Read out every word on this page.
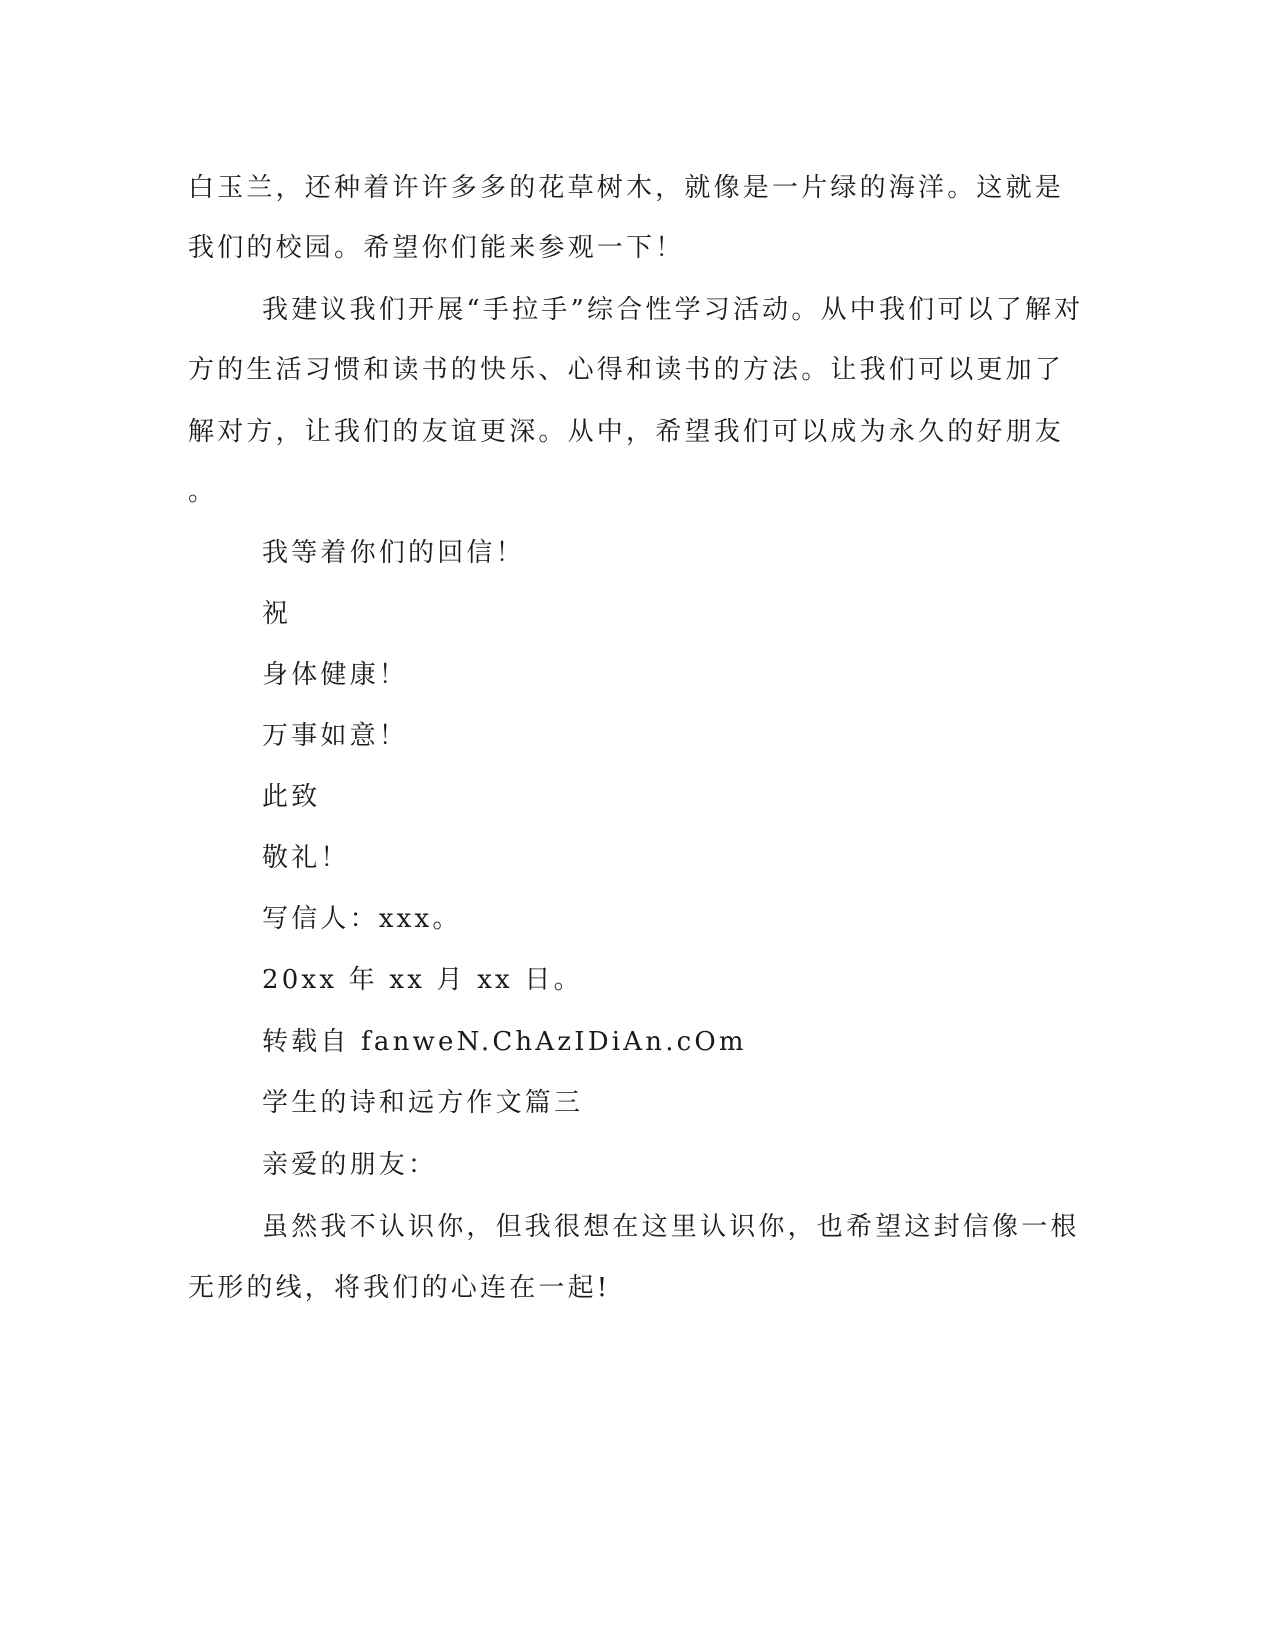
白玉兰，还种着许许多多的花草树木，就像是一片绿的海洋。这就是
我们的校园。希望你们能来参观一下！
我建议我们开展“手拉手”综合性学习活动。从中我们可以了解对
方的生活习惯和读书的快乐、心得和读书的方法。让我们可以更加了
解对方，让我们的友谊更深。从中，希望我们可以成为永久的好朋友
。
我等着你们的回信！
祝
身体健康！
万事如意！
此致
敬礼！
写信人：xxx。
20xx 年 xx 月 xx 日。
转载自 fanweN.ChAzIDiAn.cOm
学生的诗和远方作文篇三
亲爱的朋友：
虽然我不认识你，但我很想在这里认识你，也希望这封信像一根
无形的线，将我们的心连在一起!
